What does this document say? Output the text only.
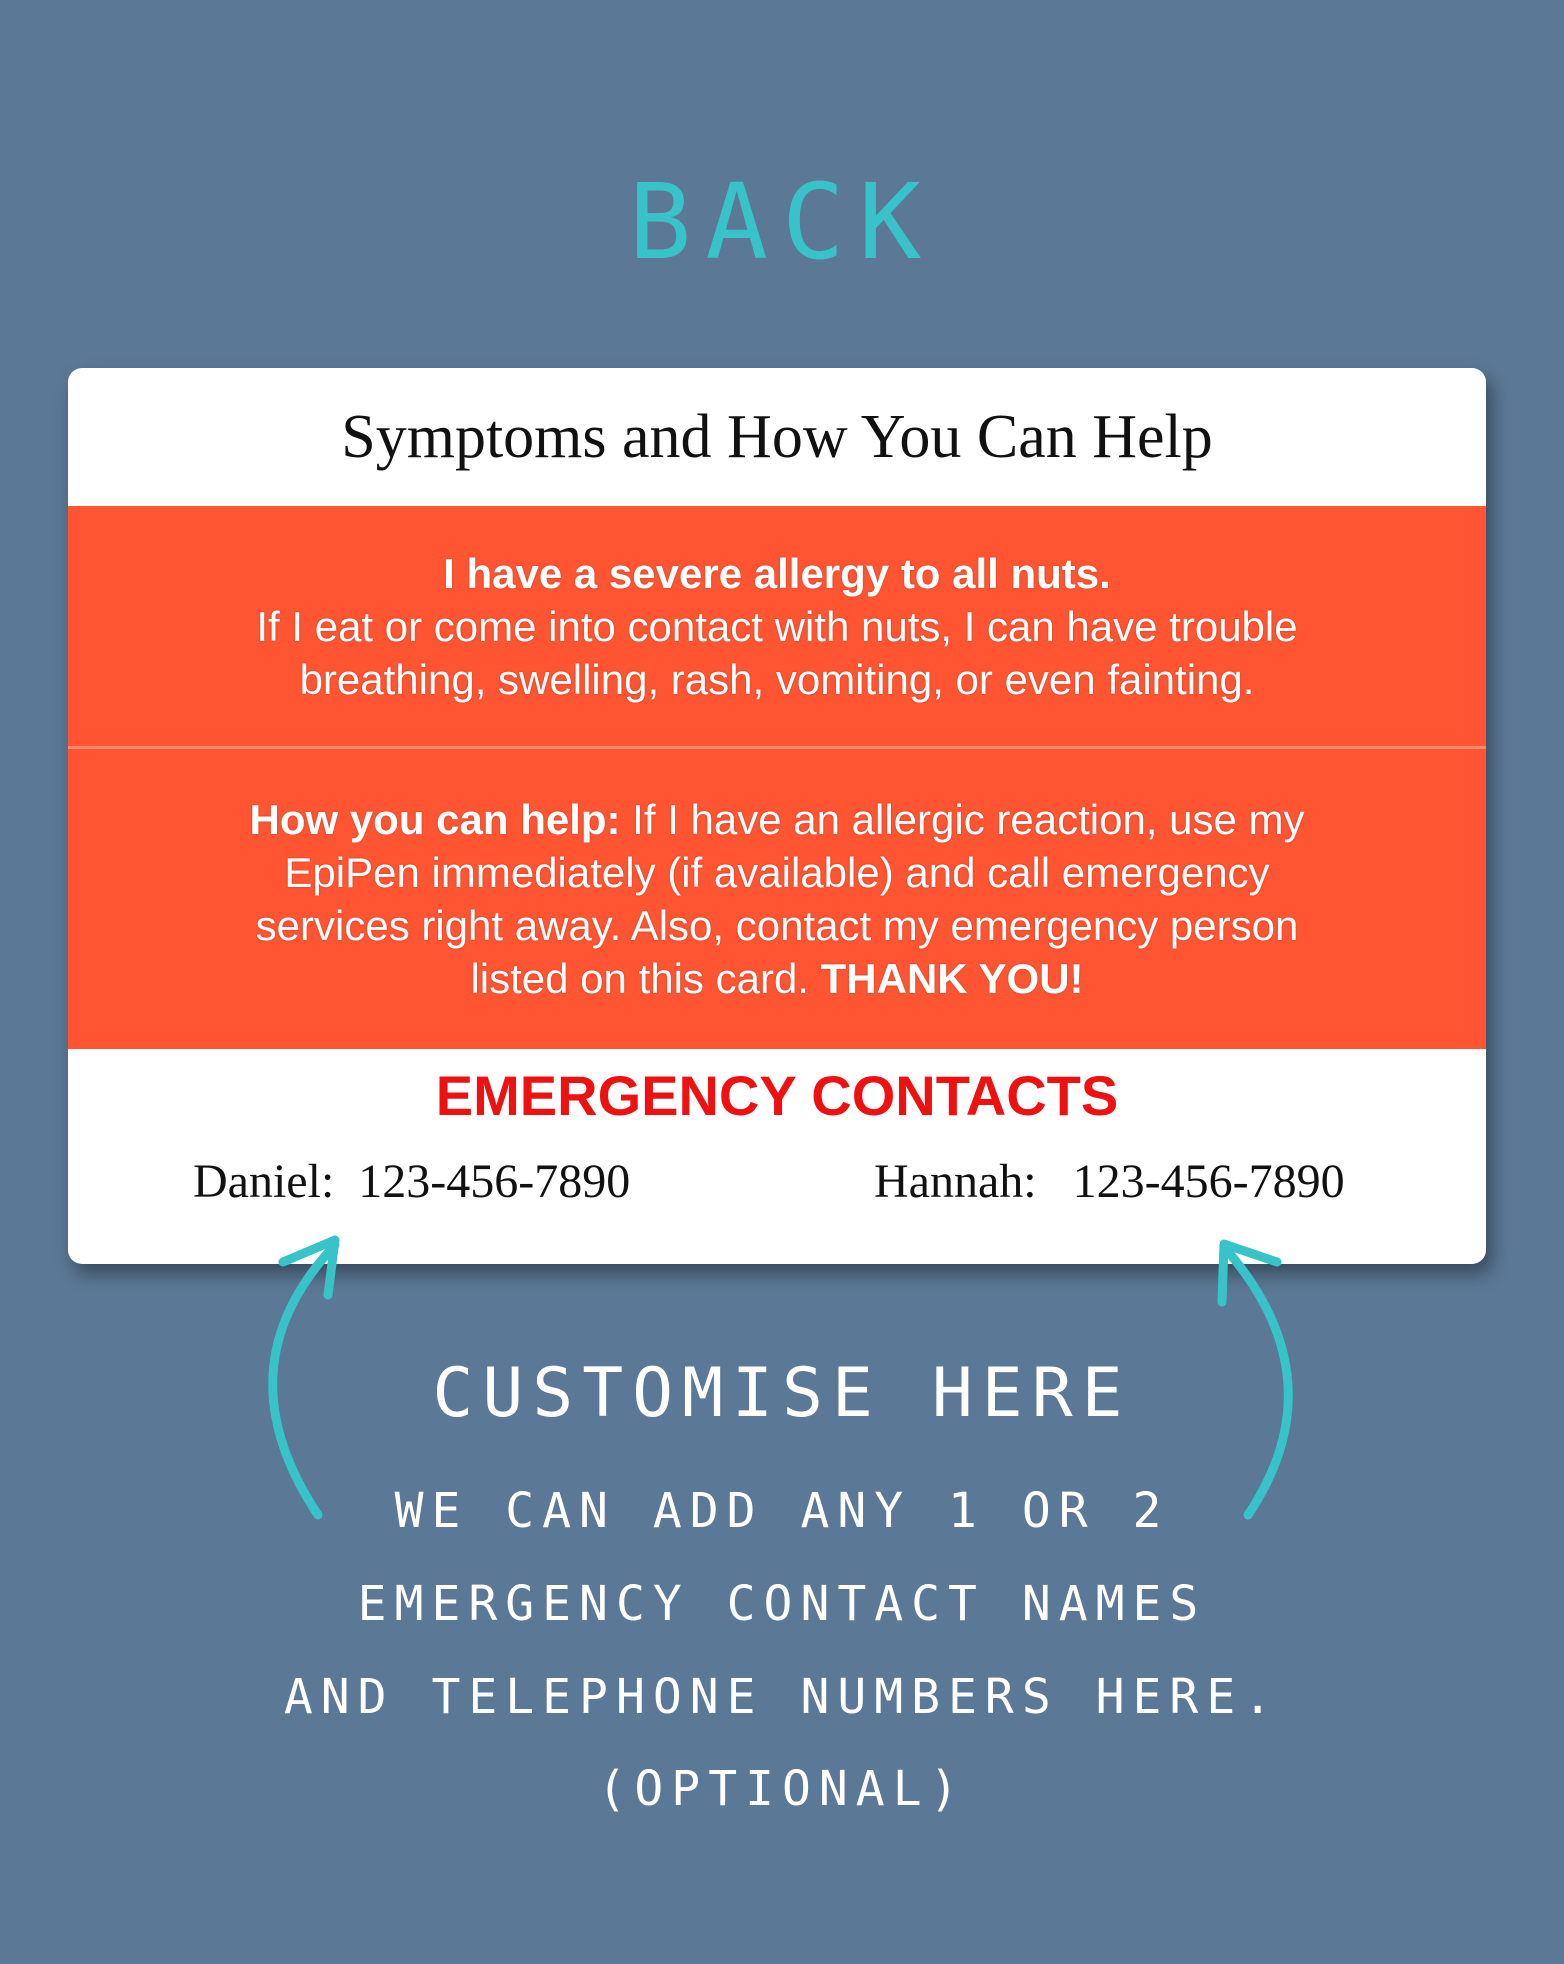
BACK
Symptoms and How You Can Help

I have a severe allergy to all nuts.

If I eat or come into contact with nuts, I can have trouble

breathing, swelling, rash, vomiting, or even fainting.

How you can help: If I have an allergic reaction, use my

EpiPen immediately (if available) and call emergency

services right away. Also, contact my emergency person

listed on this card. THANK YOU!

EMERGENCY CONTACTS
Daniel: 123-456-7890	Hannah: 123-456-7890
CUSTOMISE HERE
WE CAN ADD ANY 1 OR 2
EMERGENCY CONTACT NAMES
AND TELEPHONE NUMBERS HERE.
(OPTIONAL)
